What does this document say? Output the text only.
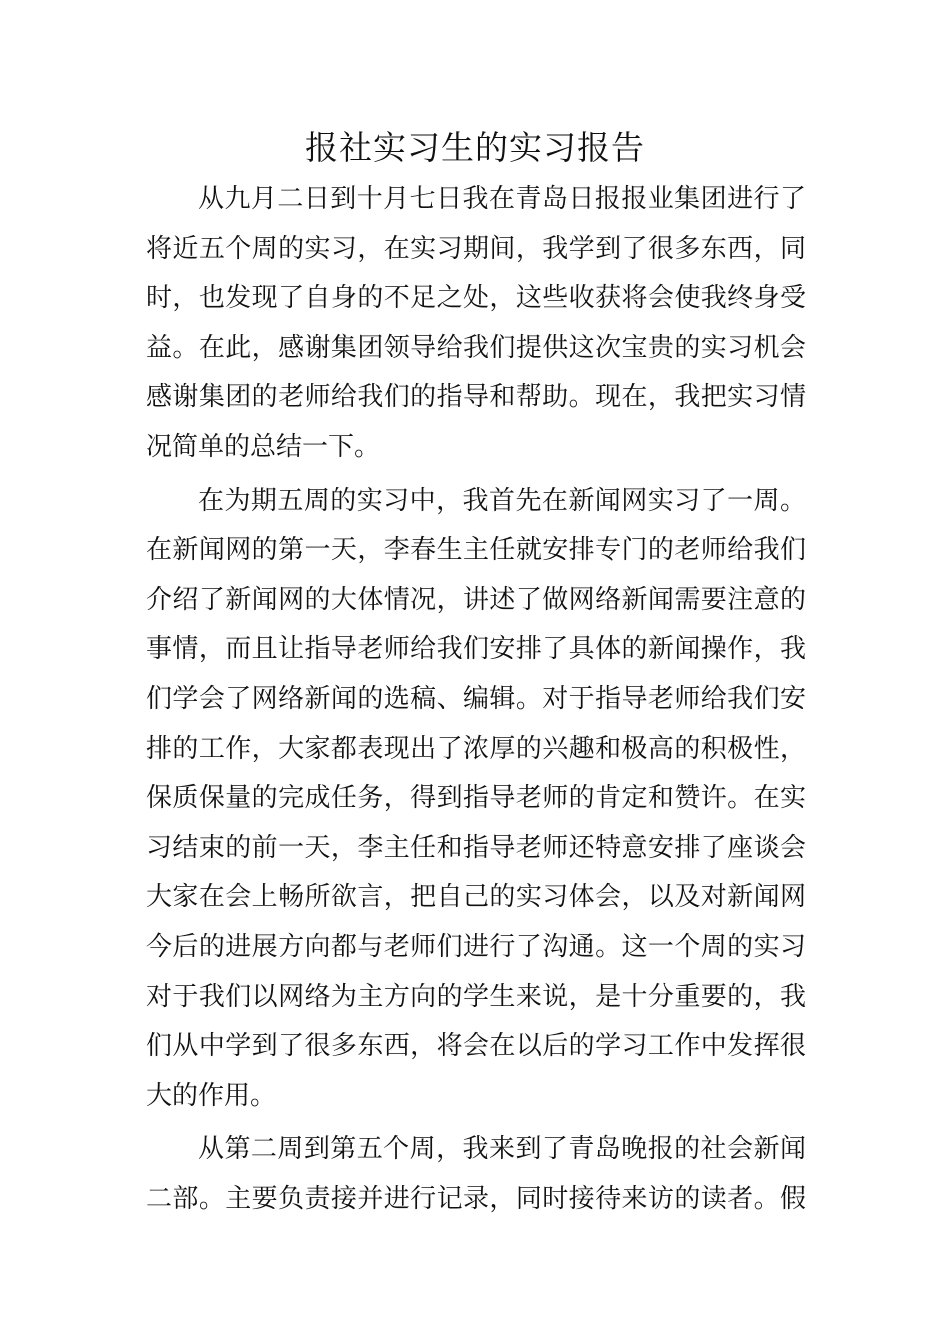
报社实习生的实习报告
从九月二日到十月七日我在青岛日报报业集团进行了
将近五个周的实习，在实习期间，我学到了很多东西，同
时，也发现了自身的不足之处，这些收获将会使我终身受
益。在此，感谢集团领导给我们提供这次宝贵的实习机会
感谢集团的老师给我们的指导和帮助。现在，我把实习情
况简单的总结一下。
在为期五周的实习中，我首先在新闻网实习了一周。
在新闻网的第一天，李春生主任就安排专门的老师给我们
介绍了新闻网的大体情况，讲述了做网络新闻需要注意的
事情，而且让指导老师给我们安排了具体的新闻操作，我
们学会了网络新闻的选稿、编辑。对于指导老师给我们安
排的工作，大家都表现出了浓厚的兴趣和极高的积极性，
保质保量的完成任务，得到指导老师的肯定和赞许。在实
习结束的前一天，李主任和指导老师还特意安排了座谈会
大家在会上畅所欲言，把自己的实习体会，以及对新闻网
今后的进展方向都与老师们进行了沟通。这一个周的实习
对于我们以网络为主方向的学生来说，是十分重要的，我
们从中学到了很多东西，将会在以后的学习工作中发挥很
大的作用。
从第二周到第五个周，我来到了青岛晚报的社会新闻
二部。主要负责接并进行记录，同时接待来访的读者。假
